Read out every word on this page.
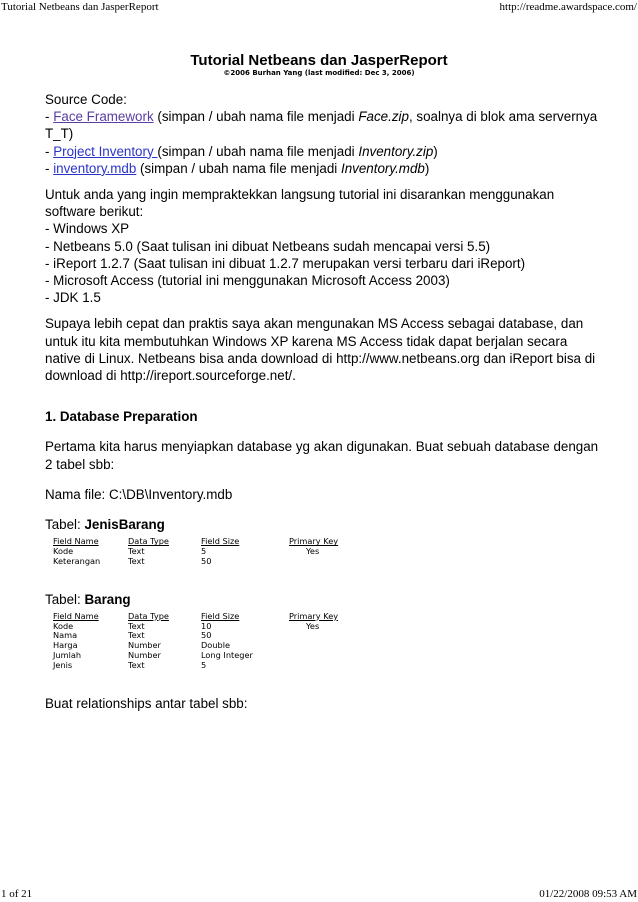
Tutorial Netbeans dan JasperReport	http://readme.awardspace.com/
Tutorial Netbeans dan JasperReport
©2006 Burhan Yang (last modified: Dec 3, 2006)

Source Code:

- Face Framework (simpan / ubah nama file menjadi Face.zip, soalnya di blok ama servernya T_T)

- Project Inventory (simpan / ubah nama file menjadi Inventory.zip)

- inventory.mdb (simpan / ubah nama file menjadi Inventory.mdb)

Untuk anda yang ingin mempraktekkan langsung tutorial ini disarankan menggunakan software berikut:

- Windows XP

- Netbeans 5.0 (Saat tulisan ini dibuat Netbeans sudah mencapai versi 5.5)

- iReport 1.2.7 (Saat tulisan ini dibuat 1.2.7 merupakan versi terbaru dari iReport)

- Microsoft Access (tutorial ini menggunakan Microsoft Access 2003)

- JDK 1.5

Supaya lebih cepat dan praktis saya akan mengunakan MS Access sebagai database, dan untuk itu kita membutuhkan Windows XP karena MS Access tidak dapat berjalan secara native di Linux. Netbeans bisa anda download di http://www.netbeans.org dan iReport bisa di download di http://ireport.sourceforge.net/.

1. Database Preparation

Pertama kita harus menyiapkan database yg akan digunakan. Buat sebuah database dengan 2 tabel sbb:

Nama file: C:\DB\Inventory.mdb

Tabel: JenisBarang

Field Name	Data Type	Field Size	Primary Key
Kode	Text	5	Yes
Keterangan	Text	50	

Tabel: Barang

Field Name	Data Type	Field Size	Primary Key
Kode	Text	10	Yes
Nama	Text	50	
Harga	Number	Double	
Jumlah	Number	Long Integer	
Jenis	Text	5	

Buat relationships antar tabel sbb:

1 of 21	01/22/2008 09:53 AM
